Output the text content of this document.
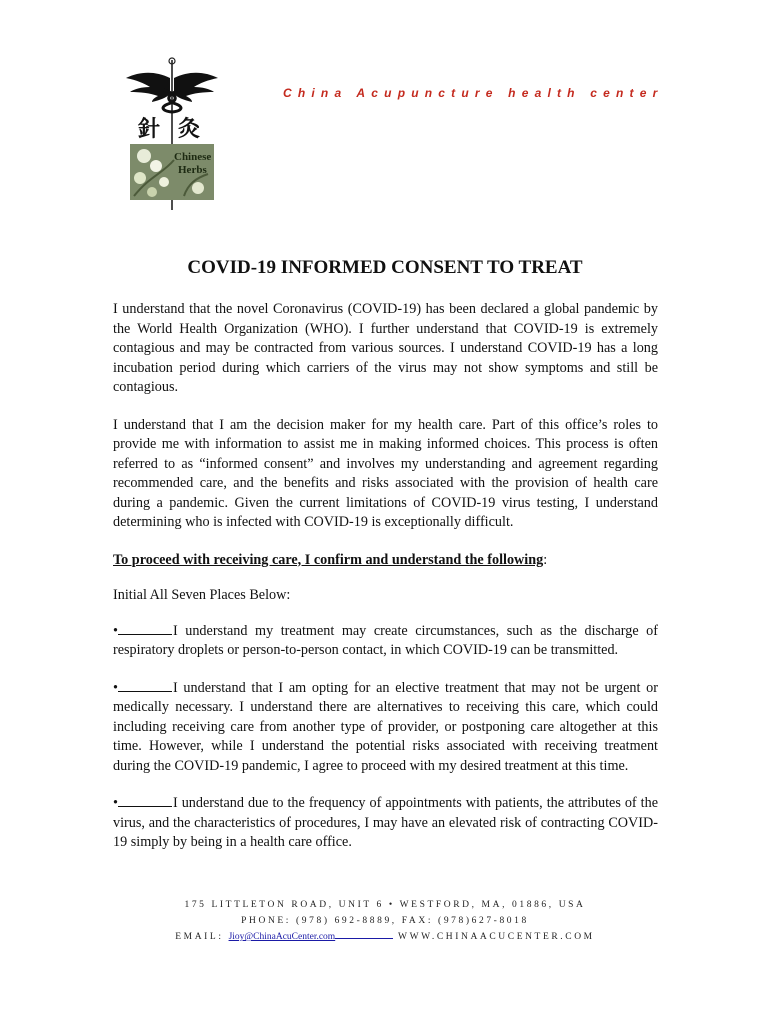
針 灸
Chinese
Herbs
China Acupuncture health center
COVID-19 INFORMED CONSENT TO TREAT

I understand that the novel Coronavirus (COVID-19) has been declared a global pandemic by the World Health Organization (WHO). I further understand that COVID-19 is extremely contagious and may be contracted from various sources. I understand COVID-19 has a long incubation period during which carriers of the virus may not show symptoms and still be contagious.

I understand that I am the decision maker for my health care. Part of this office’s roles to provide me with information to assist me in making informed choices. This process is often referred to as “informed consent” and involves my understanding and agreement regarding recommended care, and the benefits and risks associated with the provision of health care during a pandemic. Given the current limitations of COVID-19 virus testing, I understand determining who is infected with COVID-19 is exceptionally difficult.

To proceed with receiving care, I confirm and understand the following:

Initial All Seven Places Below:

•	I understand my treatment may create circumstances, such as the discharge of respiratory droplets or person-to-person contact, in which COVID-19 can be transmitted.

•	I understand that I am opting for an elective treatment that may not be urgent or medically necessary. I understand there are alternatives to receiving this care, which could including receiving care from another type of provider, or postponing care altogether at this time. However, while I understand the potential risks associated with receiving treatment during the COVID-19 pandemic, I agree to proceed with my desired treatment at this time.

•	I understand due to the frequency of appointments with patients, the attributes of the virus, and the characteristics of procedures, I may have an elevated risk of contracting COVID-19 simply by being in a health care office.

175 LITTLETON ROAD, UNIT 6 • WESTFORD, MA, 01886, USA
PHONE: (978) 692-8889, FAX: (978)627-8018
EMAIL: Jioy@ChinaAcuCenter.com	WWW.CHINAACUCENTER.COM
